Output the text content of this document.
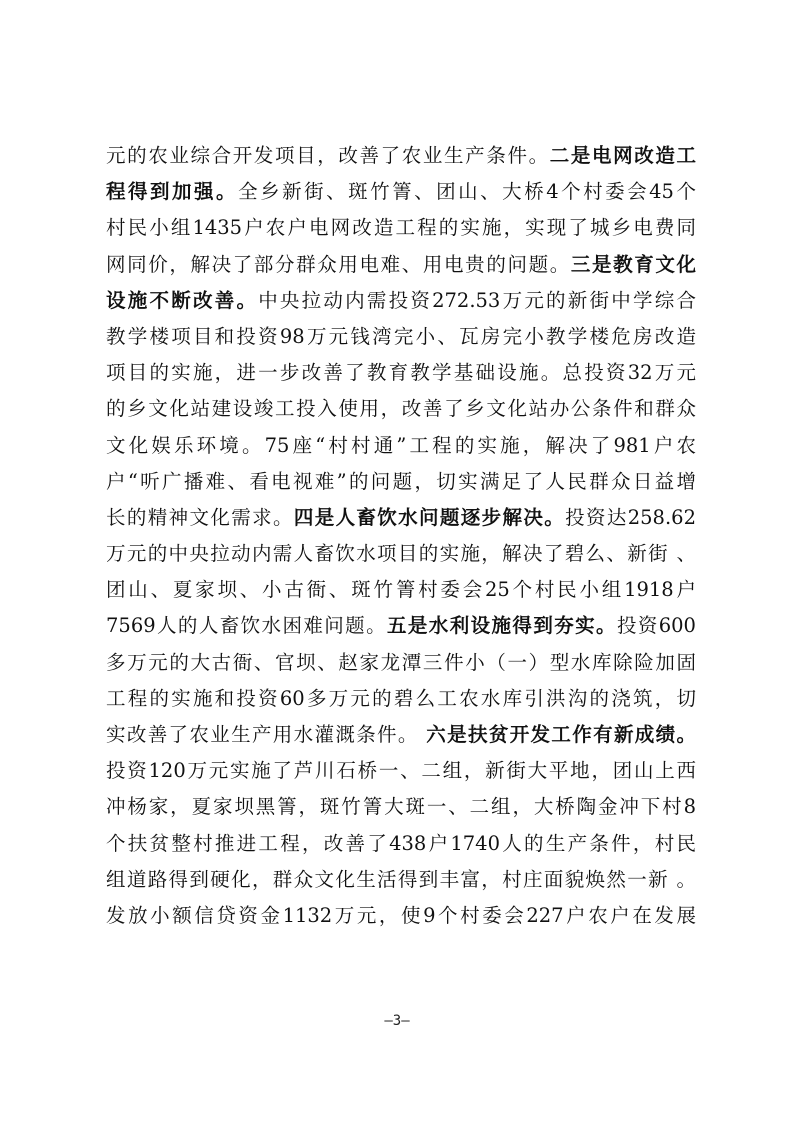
元的农业综合开发项目，改善了农业生产条件。二是电网改造工
程得到加强。全乡新街、斑竹箐、团山、大桥4个村委会45个
村民小组1435户农户电网改造工程的实施，实现了城乡电费同
网同价，解决了部分群众用电难、用电贵的问题。三是教育文化
设施不断改善。中央拉动内需投资272.53万元的新街中学综合
教学楼项目和投资98万元钱湾完小、瓦房完小教学楼危房改造
项目的实施，进一步改善了教育教学基础设施。总投资32万元
的乡文化站建设竣工投入使用，改善了乡文化站办公条件和群众
文化娱乐环境。75座“村村通”工程的实施，解决了981户农
户“听广播难、看电视难”的问题，切实满足了人民群众日益增
长的精神文化需求。四是人畜饮水问题逐步解决。投资达258.62
万元的中央拉动内需人畜饮水项目的实施，解决了碧么、新街 、
团山、夏家坝、小古衙、斑竹箐村委会25个村民小组1918户
7569人的人畜饮水困难问题。五是水利设施得到夯实。投资600
多万元的大古衙、官坝、赵家龙潭三件小（一）型水库除险加固
工程的实施和投资60多万元的碧么工农水库引洪沟的浇筑，切
实改善了农业生产用水灌溉条件。 六是扶贫开发工作有新成绩。
投资120万元实施了芦川石桥一、二组，新街大平地，团山上西
冲杨家，夏家坝黑箐，斑竹箐大斑一、二组，大桥陶金冲下村8
个扶贫整村推进工程，改善了438户1740人的生产条件，村民
组道路得到硬化，群众文化生活得到丰富，村庄面貌焕然一新 。
发放小额信贷资金1132万元，使9个村委会227户农户在发展
—3—
